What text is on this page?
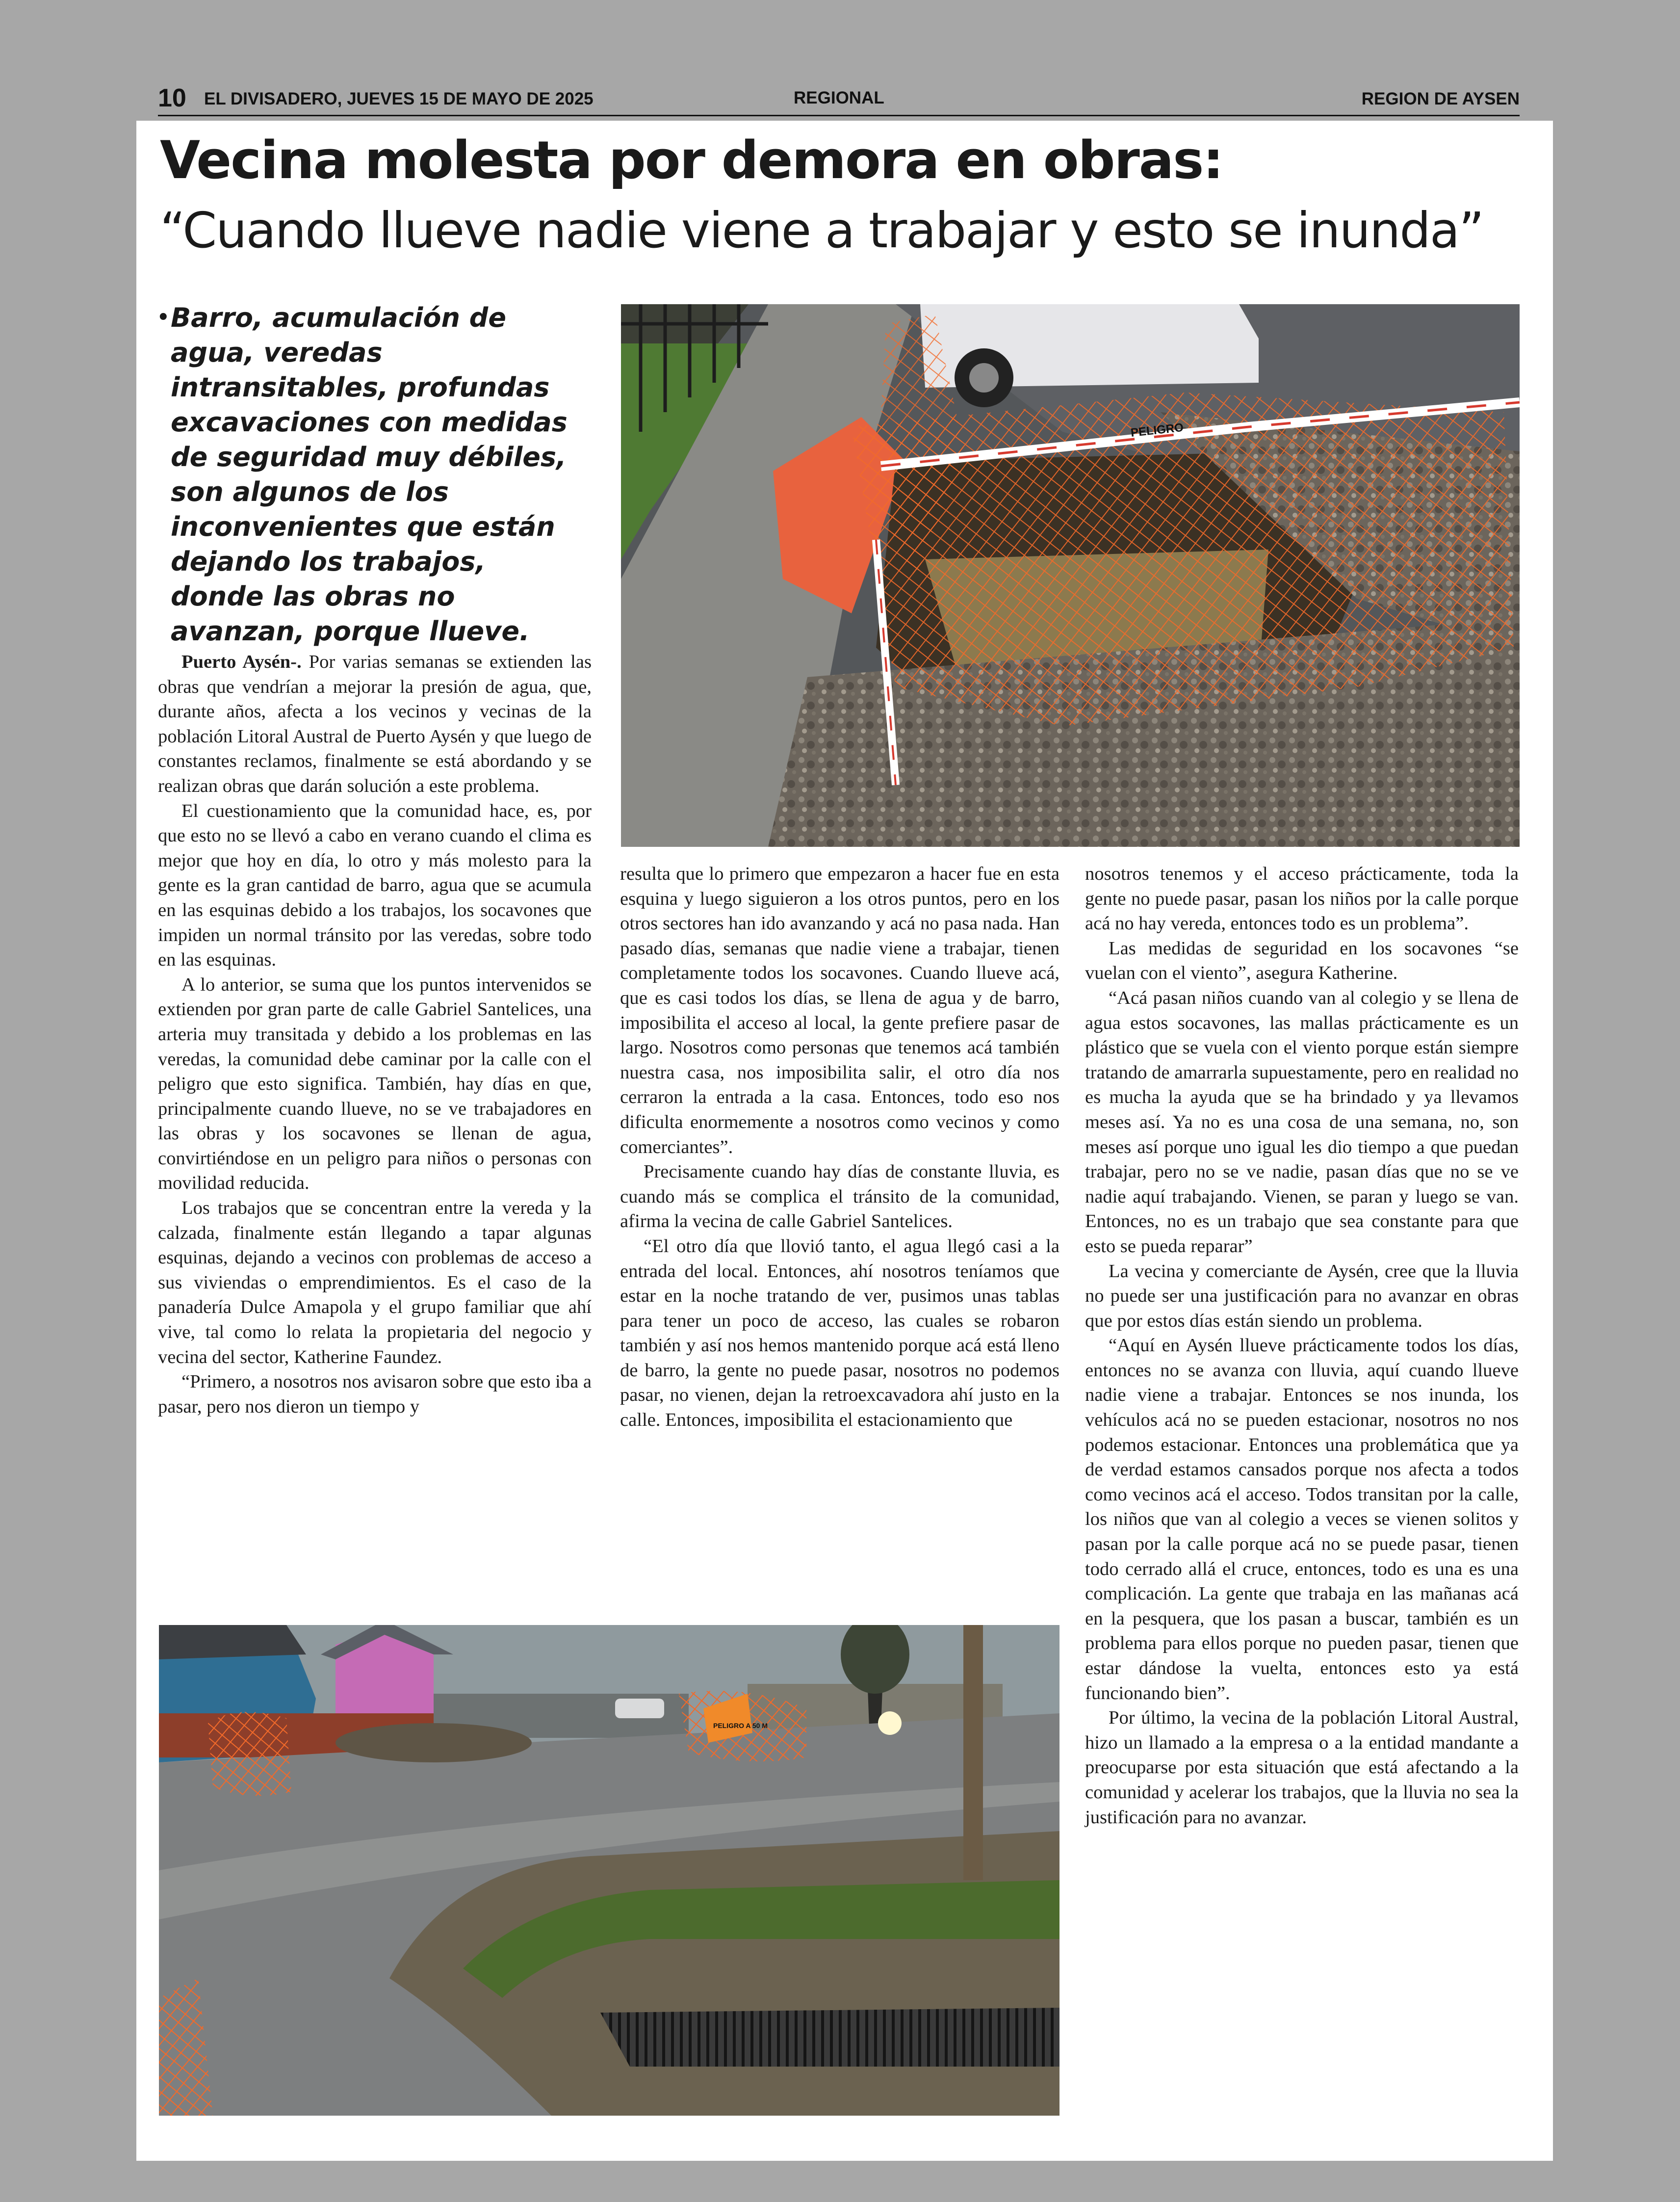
10 EL DIVISADERO, JUEVES 15 DE MAYO DE 2025	REGIONAL	REGION DE AYSEN
Vecina molesta por demora en obras:
“Cuando llueve nadie viene a trabajar y esto se inunda”
• Barro, acumulación de agua, veredas intransitables, profundas excavaciones con medidas de seguridad muy débiles, son algunos de los inconvenientes que están dejando los trabajos, donde las obras no avanzan, porque llueve.
PELIGRO
PELIGRO A 50 M

Puerto Aysén-. Por varias semanas se extienden las obras que vendrían a mejorar la presión de agua, que, durante años, afecta a los vecinos y vecinas de la población Litoral Austral de Puerto Aysén y que luego de constantes reclamos, finalmente se está abordando y se realizan obras que darán solución a este problema.

El cuestionamiento que la comunidad hace, es, por que esto no se llevó a cabo en verano cuando el clima es mejor que hoy en día, lo otro y más molesto para la gente es la gran cantidad de barro, agua que se acumula en las esquinas debido a los trabajos, los socavones que impiden un normal tránsito por las veredas, sobre todo en las esquinas.

A lo anterior, se suma que los puntos intervenidos se extienden por gran parte de calle Gabriel Santelices, una arteria muy transitada y debido a los problemas en las veredas, la comunidad debe caminar por la calle con el peligro que esto significa. También, hay días en que, principalmente cuando llueve, no se ve trabajadores en las obras y los socavones se llenan de agua, convirtiéndose en un peligro para niños o personas con movilidad reducida.

Los trabajos que se concentran entre la vereda y la calzada, finalmente están llegando a tapar algunas esquinas, dejando a vecinos con problemas de acceso a sus viviendas o emprendimientos. Es el caso de la panadería Dulce Amapola y el grupo familiar que ahí vive, tal como lo relata la propietaria del negocio y vecina del sector, Katherine Faundez.

“Primero, a nosotros nos avisaron sobre que esto iba a pasar, pero nos dieron un tiempo y

resulta que lo primero que empezaron a hacer fue en esta esquina y luego siguieron a los otros puntos, pero en los otros sectores han ido avanzando y acá no pasa nada. Han pasado días, semanas que nadie viene a trabajar, tienen completamente todos los socavones. Cuando llueve acá, que es casi todos los días, se llena de agua y de barro, imposibilita el acceso al local, la gente prefiere pasar de largo. Nosotros como personas que tenemos acá también nuestra casa, nos imposibilita salir, el otro día nos cerraron la entrada a la casa. Entonces, todo eso nos dificulta enormemente a nosotros como vecinos y como comerciantes”.

Precisamente cuando hay días de constante lluvia, es cuando más se complica el tránsito de la comunidad, afirma la vecina de calle Gabriel Santelices.

“El otro día que llovió tanto, el agua llegó casi a la entrada del local. Entonces, ahí nosotros teníamos que estar en la noche tratando de ver, pusimos unas tablas para tener un poco de acceso, las cuales se robaron también y así nos hemos mantenido porque acá está lleno de barro, la gente no puede pasar, nosotros no podemos pasar, no vienen, dejan la retroexcavadora ahí justo en la calle. Entonces, imposibilita el estacionamiento que

nosotros tenemos y el acceso prácticamente, toda la gente no puede pasar, pasan los niños por la calle porque acá no hay vereda, entonces todo es un problema”.

Las medidas de seguridad en los socavones “se vuelan con el viento”, asegura Katherine.

“Acá pasan niños cuando van al colegio y se llena de agua estos socavones, las mallas prácticamente es un plástico que se vuela con el viento porque están siempre tratando de amarrarla supuestamente, pero en realidad no es mucha la ayuda que se ha brindado y ya llevamos meses así. Ya no es una cosa de una semana, no, son meses así porque uno igual les dio tiempo a que puedan trabajar, pero no se ve nadie, pasan días que no se ve nadie aquí trabajando. Vienen, se paran y luego se van. Entonces, no es un trabajo que sea constante para que esto se pueda reparar”

La vecina y comerciante de Aysén, cree que la lluvia no puede ser una justificación para no avanzar en obras que por estos días están siendo un problema.

“Aquí en Aysén llueve prácticamente todos los días, entonces no se avanza con lluvia, aquí cuando llueve nadie viene a trabajar. Entonces se nos inunda, los vehículos acá no se pueden estacionar, nosotros no nos podemos estacionar. Entonces una problemática que ya de verdad estamos cansados porque nos afecta a todos como vecinos acá el acceso. Todos transitan por la calle, los niños que van al colegio a veces se vienen solitos y pasan por la calle porque acá no se puede pasar, tienen todo cerrado allá el cruce, entonces, todo es una es una complicación. La gente que trabaja en las mañanas acá en la pesquera, que los pasan a buscar, también es un problema para ellos porque no pueden pasar, tienen que estar dándose la vuelta, entonces esto ya está funcionando bien”.

Por último, la vecina de la población Litoral Austral, hizo un llamado a la empresa o a la entidad mandante a preocuparse por esta situación que está afectando a la comunidad y acelerar los trabajos, que la lluvia no sea la justificación para no avanzar.
